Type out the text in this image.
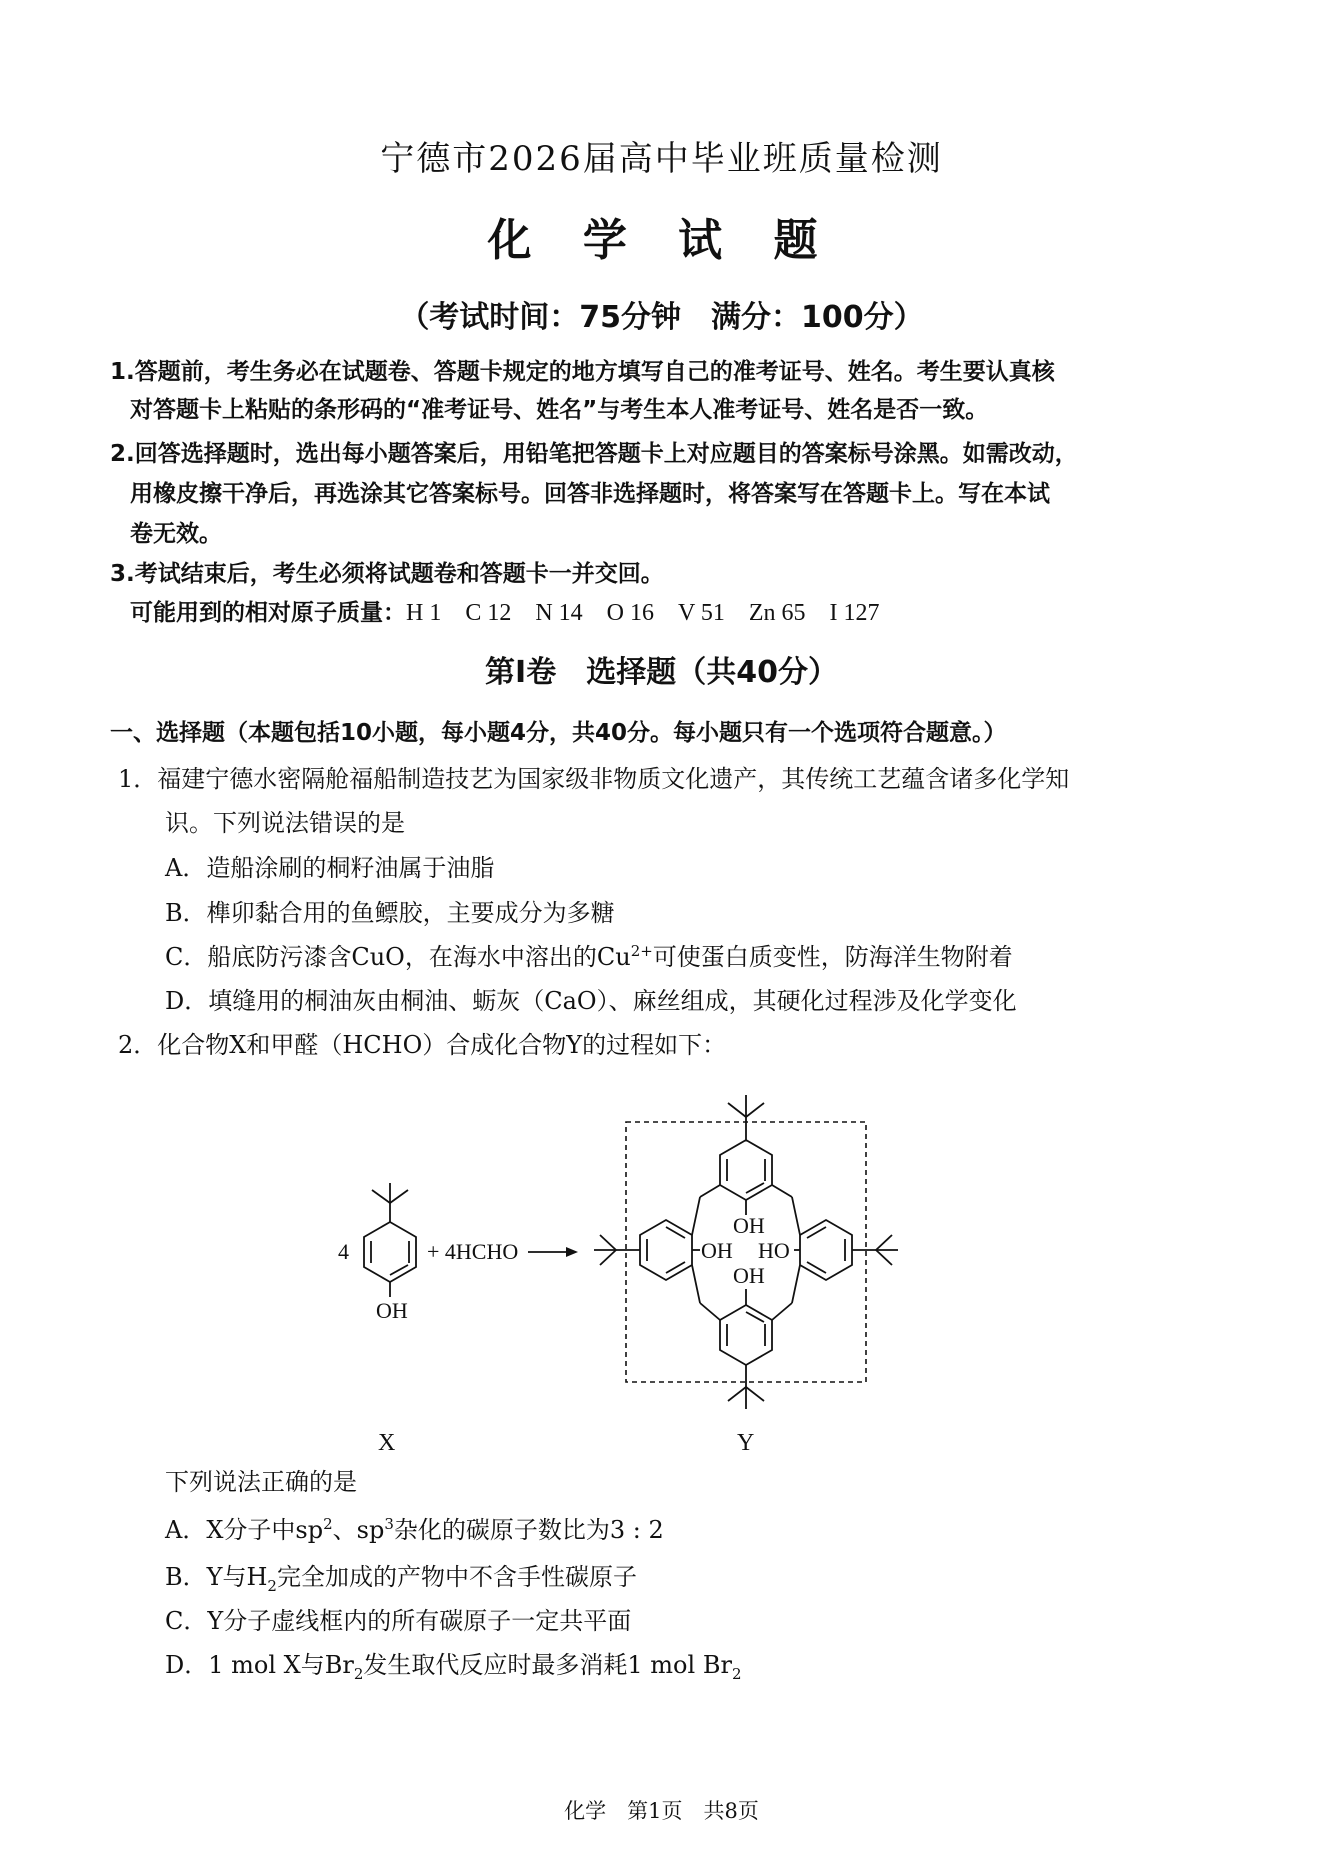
宁德市2026届高中毕业班质量检测
化 学 试 题
（考试时间：75分钟　满分：100分）
1.答题前，考生务必在试题卷、答题卡规定的地方填写自己的准考证号、姓名。考生要认真核
对答题卡上粘贴的条形码的“准考证号、姓名”与考生本人准考证号、姓名是否一致。
2.回答选择题时，选出每小题答案后，用铅笔把答题卡上对应题目的答案标号涂黑。如需改动，
用橡皮擦干净后，再选涂其它答案标号。回答非选择题时，将答案写在答题卡上。写在本试
卷无效。
3.考试结束后，考生必须将试题卷和答题卡一并交回。
可能用到的相对原子质量：H 1　C 12　N 14　O 16　V 51　Zn 65　I 127
第Ⅰ卷　选择题（共40分）
一、选择题（本题包括10小题，每小题4分，共40分。每小题只有一个选项符合题意。）
1．福建宁德水密隔舱福船制造技艺为国家级非物质文化遗产，其传统工艺蕴含诸多化学知
识。下列说法错误的是
A．造船涂刷的桐籽油属于油脂
B．榫卯黏合用的鱼鳔胶，主要成分为多糖
C．船底防污漆含CuO，在海水中溶出的$Cu^{2+}$可使蛋白质变性，防海洋生物附着
D．填缝用的桐油灰由桐油、蛎灰（CaO）、麻丝组成，其硬化过程涉及化学变化
2．化合物X和甲醛（HCHO）合成化合物Y的过程如下：
OH
4	+ 4HCHO
OH
OH HO
OH
X	Y
下列说法正确的是
A．X分子中$sp^2$、$sp^3$杂化的碳原子数比为3 : 2
B．Y与$H_2$完全加成的产物中不含手性碳原子
C．Y分子虚线框内的所有碳原子一定共平面
D．1 mol X与$Br_2$发生取代反应时最多消耗1 mol $Br_2$
化学　第1页　共8页
